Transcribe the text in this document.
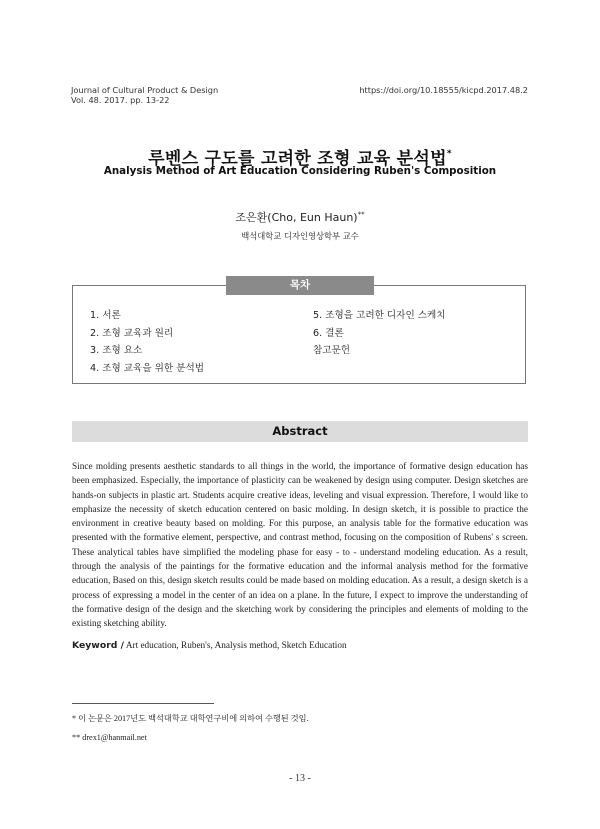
Journal of Cultural Product & Design
Vol. 48. 2017. pp. 13-22
https://doi.org/10.18555/kicpd.2017.48.2
루벤스 구도를 고려한 조형 교육 분석법*
Analysis Method of Art Education Considering Ruben's Composition
조은환(Cho, Eun Haun)**
백석대학교 디자인영상학부 교수
목차
1. 서론
2. 조형 교육과 원리
3. 조형 요소
4. 조형 교육을 위한 분석법
5. 조형을 고려한 디자인 스케치
6. 결론
참고문헌
Abstract
Since molding presents aesthetic standards to all things in the world, the importance of formative design education has been emphasized. Especially, the importance of plasticity can be weakened by design using computer. Design sketches are hands-on subjects in plastic art. Students acquire creative ideas, leveling and visual expression. Therefore, I would like to emphasize the necessity of sketch education centered on basic molding. In design sketch, it is possible to practice the environment in creative beauty based on molding. For this purpose, an analysis table for the formative education was presented with the formative element, perspective, and contrast method, focusing on the composition of Rubens' s screen. These analytical tables have simplified the modeling phase for easy - to - understand modeling education. As a result, through the analysis of the paintings for the formative education and the informal analysis method for the formative education, Based on this, design sketch results could be made based on molding education. As a result, a design sketch is a process of expressing a model in the center of an idea on a plane. In the future, I expect to improve the understanding of the formative design of the design and the sketching work by considering the principles and elements of molding to the existing sketching ability.
Keyword / Art education, Ruben's, Analysis method, Sketch Education
* 이 논문은 2017년도 백석대학교 대학연구비에 의하여 수행된 것임.
** drex1@hanmail.net
- 13 -
